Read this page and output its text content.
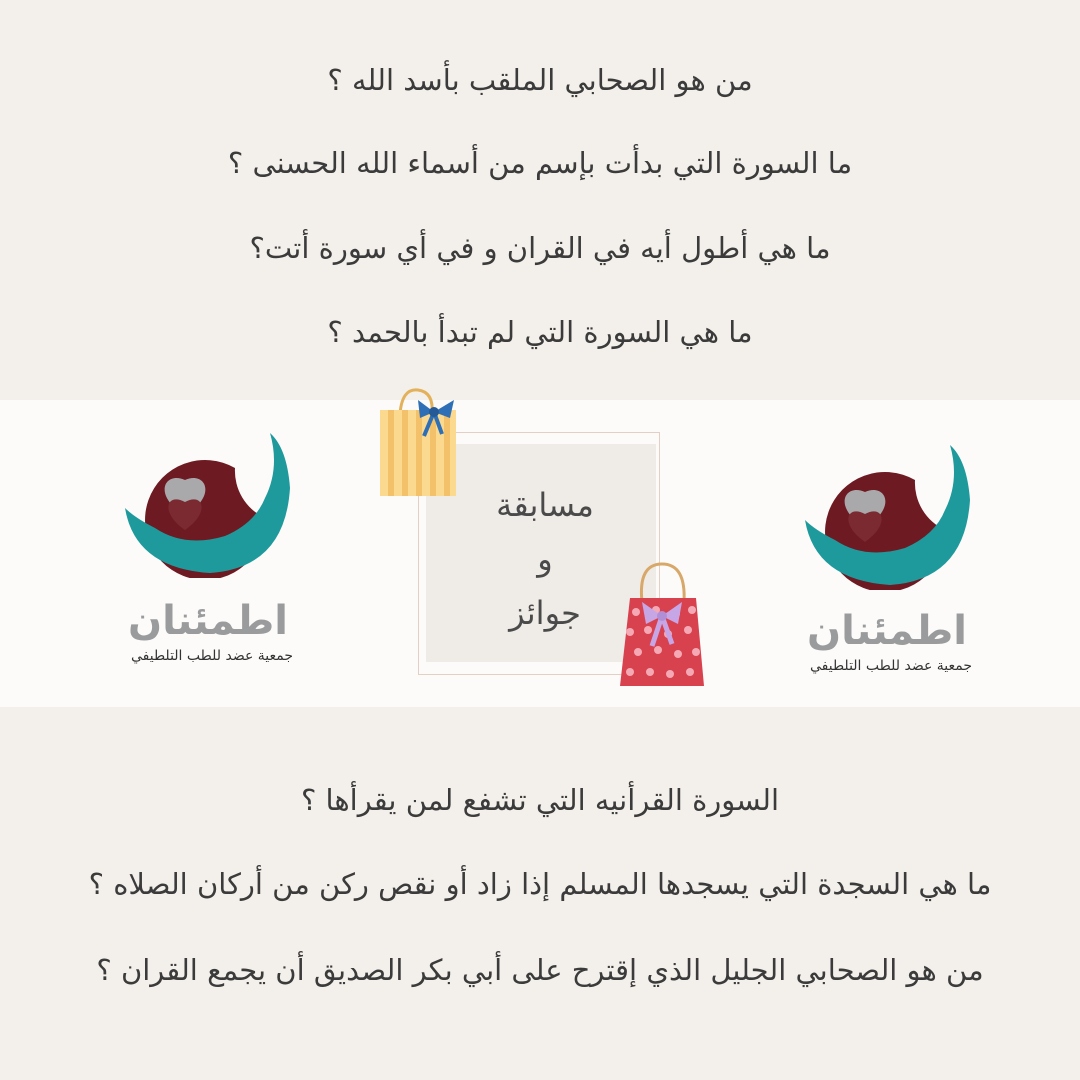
من هو الصحابي الملقب بأسد الله ؟
ما السورة التي بدأت بإسم من أسماء الله الحسنى ؟
ما هي أطول أيه في القران و في أي سورة أتت؟
ما هي السورة التي لم تبدأ بالحمد ؟
اطمئنان
جمعية عضد للطب التلطيفي
اطمئنان
جمعية عضد للطب التلطيفي
مسابقة
و
جوائز
السورة القرأنيه التي تشفع لمن يقرأها ؟
ما هي السجدة التي يسجدها المسلم إذا زاد أو نقص ركن من أركان الصلاه ؟
من هو الصحابي الجليل الذي إقترح على أبي بكر الصديق أن يجمع القران ؟
